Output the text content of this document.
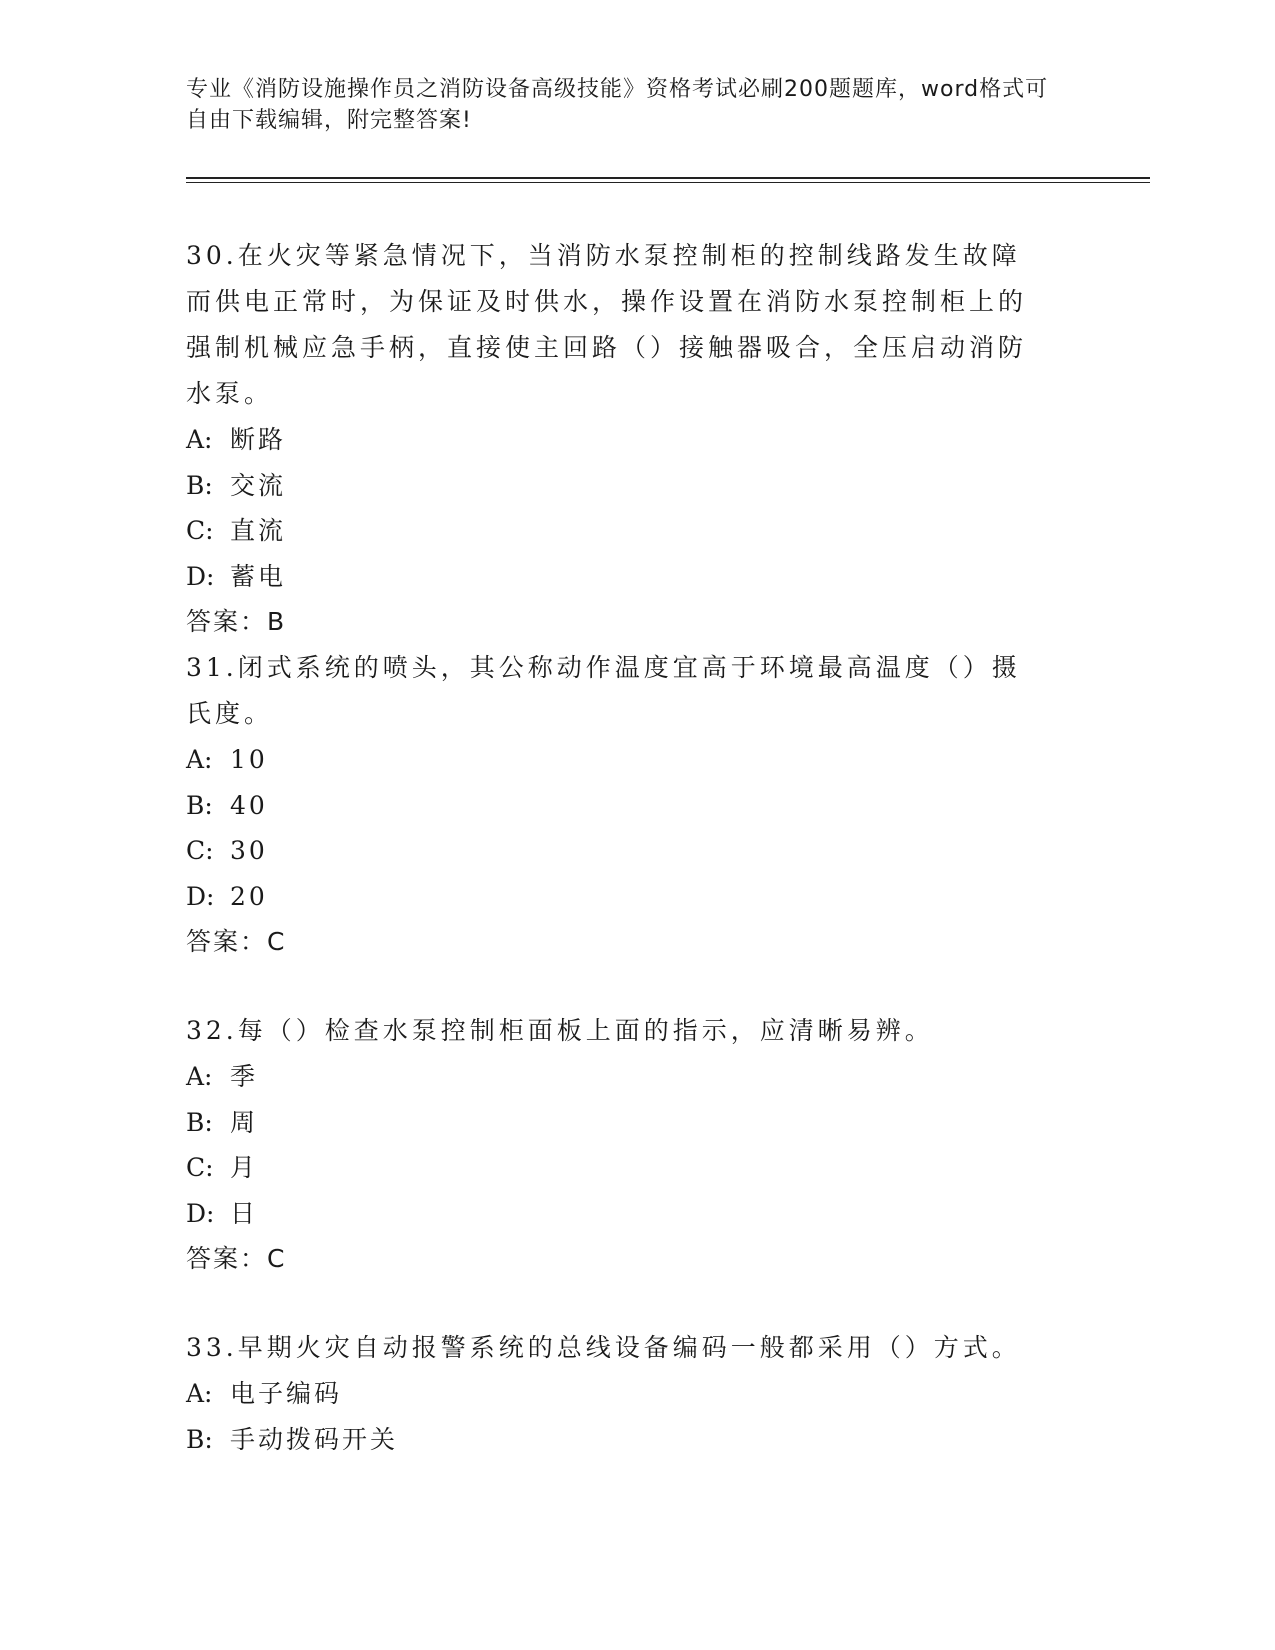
专业《消防设施操作员之消防设备高级技能》资格考试必刷200题题库，word格式可自由下载编辑，附完整答案!

30.在火灾等紧急情况下，当消防水泵控制柜的控制线路发生故障而供电正常时，为保证及时供水，操作设置在消防水泵控制柜上的强制机械应急手柄，直接使主回路（）接触器吸合，全压启动消防水泵。

A: 断路

B: 交流

C: 直流

D: 蓄电

答案：B

31.闭式系统的喷头，其公称动作温度宜高于环境最高温度（）摄氏度。

A: 10

B: 40

C: 30

D: 20

答案：C

32.每（）检查水泵控制柜面板上面的指示，应清晰易辨。

A: 季

B: 周

C: 月

D: 日

答案：C

33.早期火灾自动报警系统的总线设备编码一般都采用（）方式。

A: 电子编码

B: 手动拨码开关
